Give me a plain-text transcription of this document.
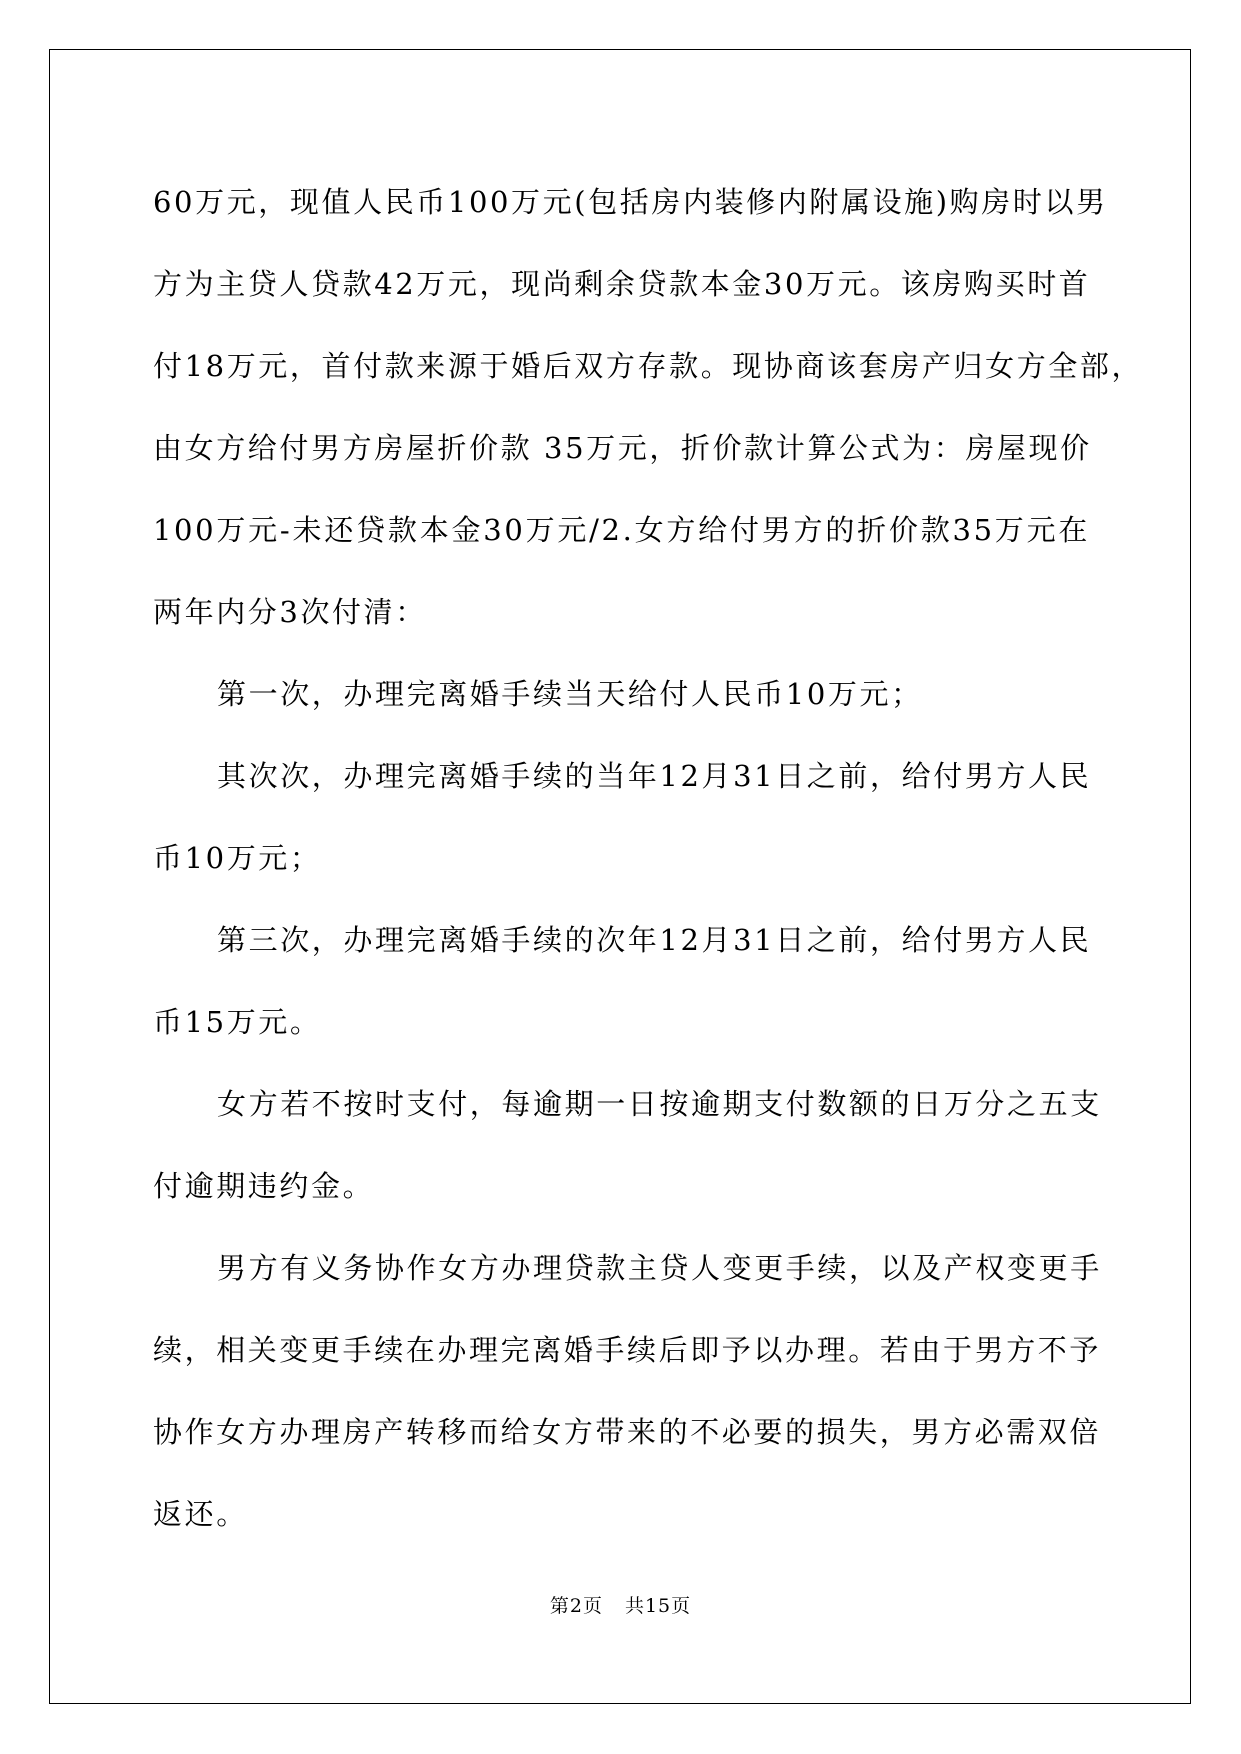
60万元，现值人民币100万元(包括房内装修内附属设施)购房时以男
方为主贷人贷款42万元，现尚剩余贷款本金30万元。该房购买时首
付18万元，首付款来源于婚后双方存款。现协商该套房产归女方全部，
由女方给付男方房屋折价款 35万元，折价款计算公式为：房屋现价
100万元-未还贷款本金30万元/2.女方给付男方的折价款35万元在
两年内分3次付清：
第一次，办理完离婚手续当天给付人民币10万元；
其次次，办理完离婚手续的当年12月31日之前，给付男方人民
币10万元；
第三次，办理完离婚手续的次年12月31日之前，给付男方人民
币15万元。
女方若不按时支付，每逾期一日按逾期支付数额的日万分之五支
付逾期违约金。
男方有义务协作女方办理贷款主贷人变更手续，以及产权变更手
续，相关变更手续在办理完离婚手续后即予以办理。若由于男方不予
协作女方办理房产转移而给女方带来的不必要的损失，男方必需双倍
返还。
第2页 共15页
